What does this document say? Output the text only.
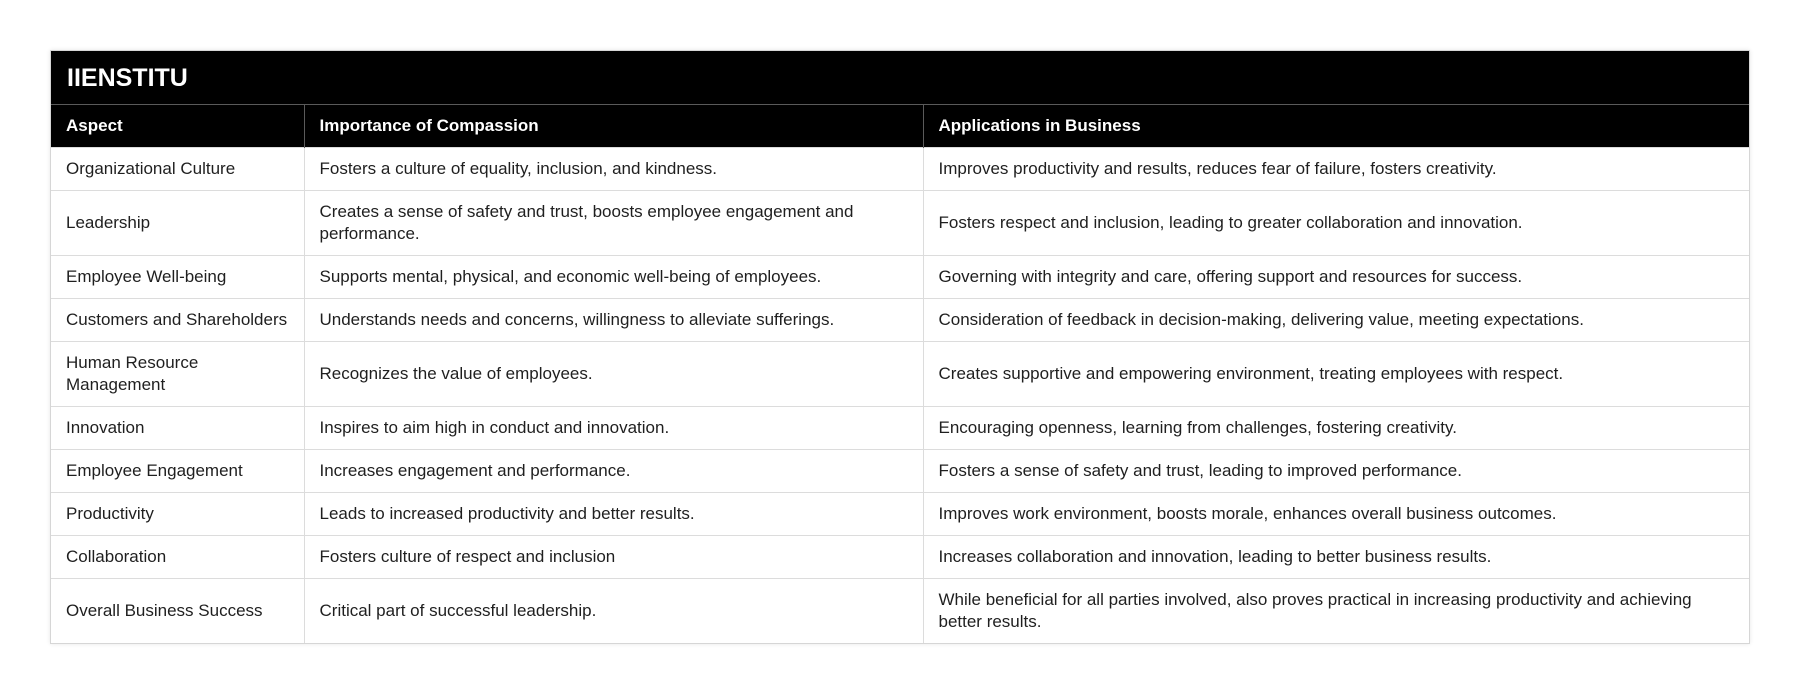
IIENSTITU
Aspect	Importance of Compassion	Applications in Business
Organizational Culture	Fosters a culture of equality, inclusion, and kindness.	Improves productivity and results, reduces fear of failure, fosters creativity.
Leadership	Creates a sense of safety and trust, boosts employee engagement and performance.	Fosters respect and inclusion, leading to greater collaboration and innovation.
Employee Well-being	Supports mental, physical, and economic well-being of employees.	Governing with integrity and care, offering support and resources for success.
Customers and Shareholders	Understands needs and concerns, willingness to alleviate sufferings.	Consideration of feedback in decision-making, delivering value, meeting expectations.
Human Resource Management	Recognizes the value of employees.	Creates supportive and empowering environment, treating employees with respect.
Innovation	Inspires to aim high in conduct and innovation.	Encouraging openness, learning from challenges, fostering creativity.
Employee Engagement	Increases engagement and performance.	Fosters a sense of safety and trust, leading to improved performance.
Productivity	Leads to increased productivity and better results.	Improves work environment, boosts morale, enhances overall business outcomes.
Collaboration	Fosters culture of respect and inclusion	Increases collaboration and innovation, leading to better business results.
Overall Business Success	Critical part of successful leadership.	While beneficial for all parties involved, also proves practical in increasing productivity and achieving better results.
